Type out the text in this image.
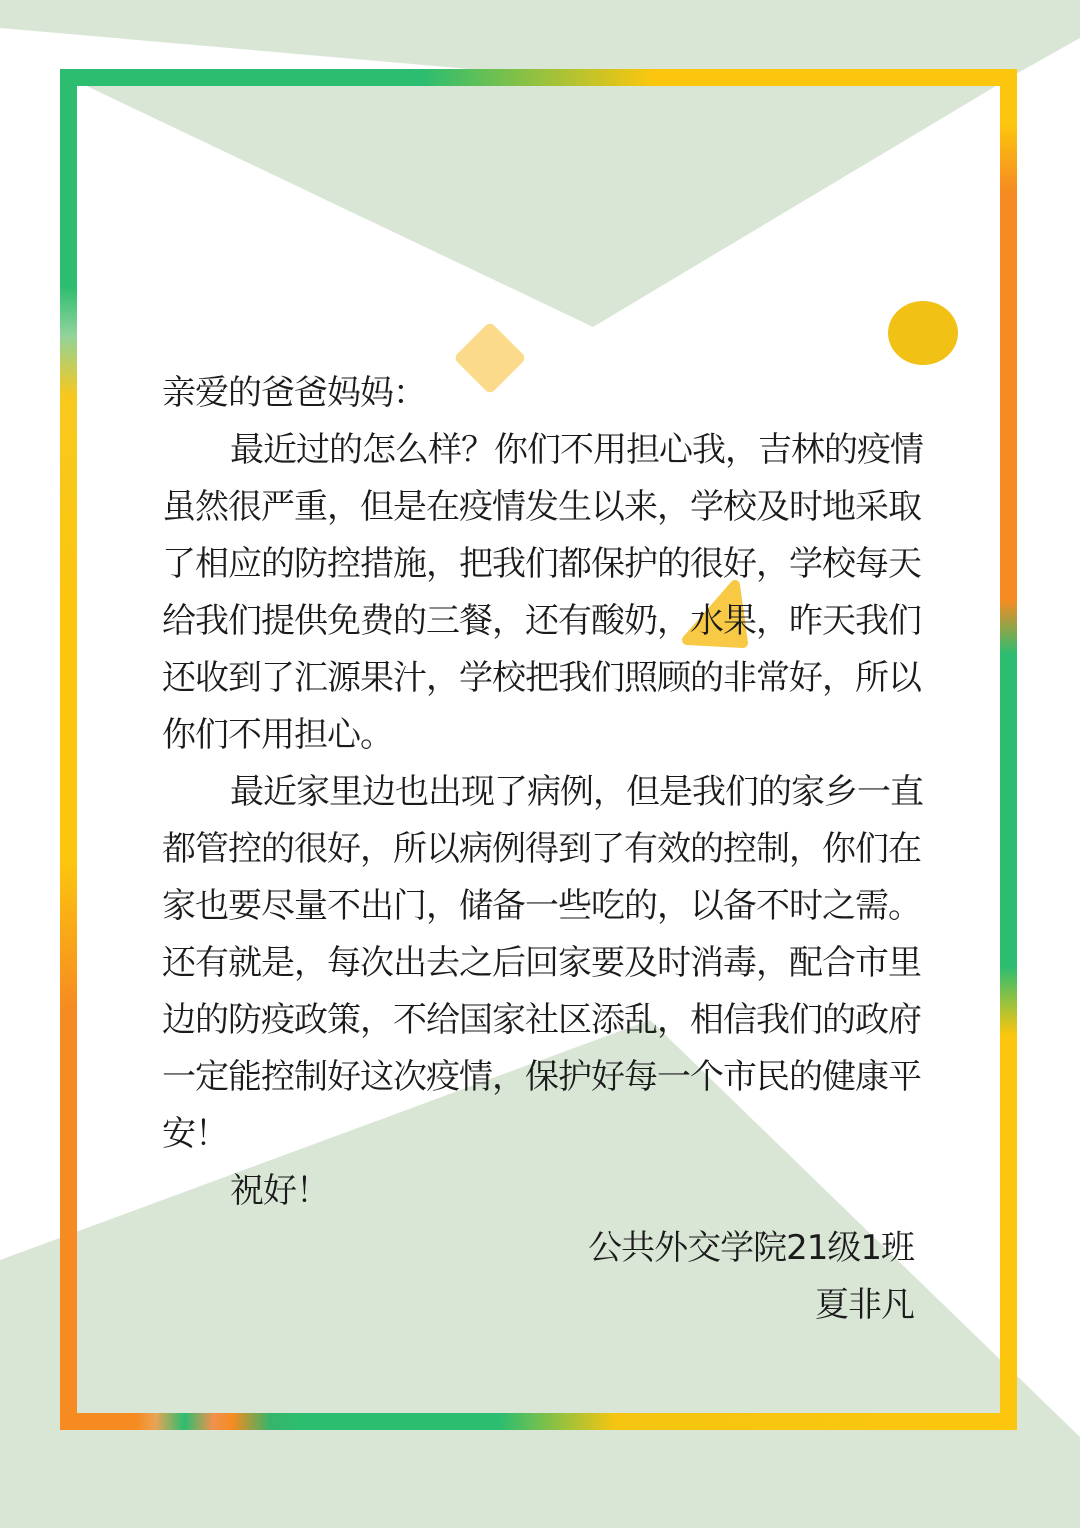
亲爱的爸爸妈妈：
最近过的怎么样？你们不用担心我，吉林的疫情
虽然很严重，但是在疫情发生以来，学校及时地采取
了相应的防控措施，把我们都保护的很好，学校每天
给我们提供免费的三餐，还有酸奶，水果，昨天我们
还收到了汇源果汁，学校把我们照顾的非常好，所以
你们不用担心。
最近家里边也出现了病例，但是我们的家乡一直
都管控的很好，所以病例得到了有效的控制，你们在
家也要尽量不出门，储备一些吃的，以备不时之需。
还有就是，每次出去之后回家要及时消毒，配合市里
边的防疫政策，不给国家社区添乱，相信我们的政府
一定能控制好这次疫情，保护好每一个市民的健康平
安！
祝好！
公共外交学院21级1班
夏非凡
